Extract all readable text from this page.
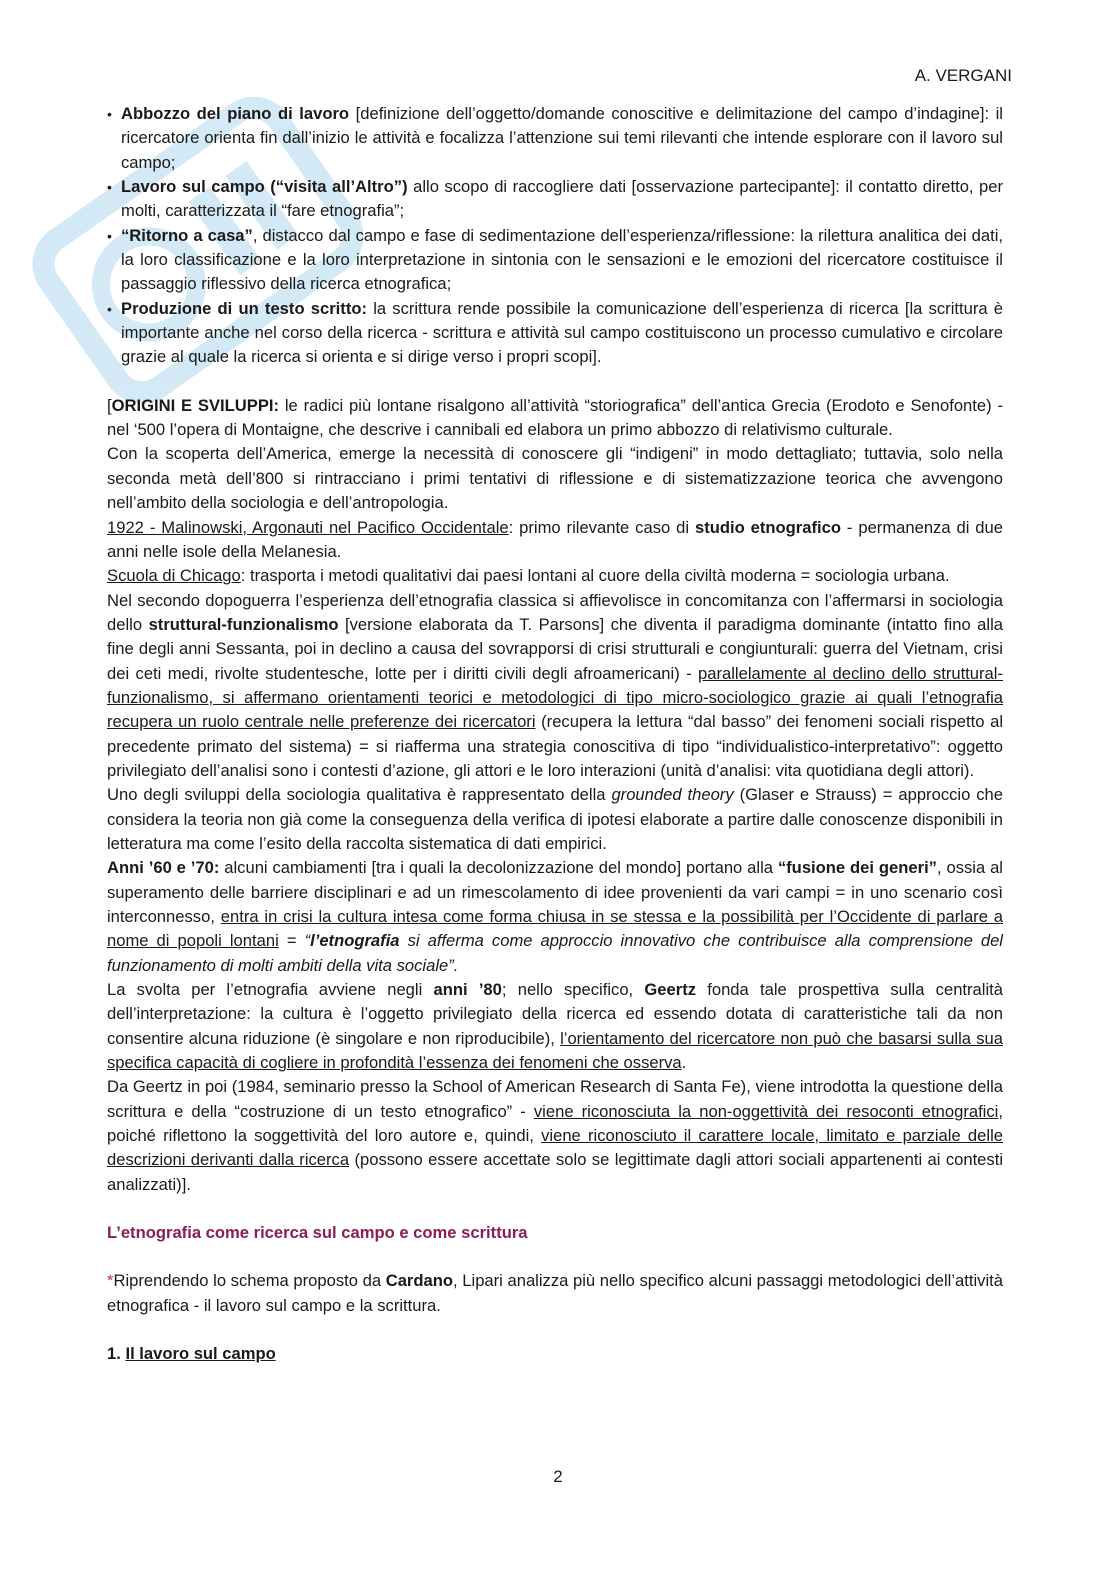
A. VERGANI
• Abbozzo del piano di lavoro [definizione dell’oggetto/domande conoscitive e delimitazione del campo d’indagine]: il ricercatore orienta fin dall’inizio le attività e focalizza l’attenzione sui temi rilevanti che intende esplorare con il lavoro sul campo;
• Lavoro sul campo (“visita all’Altro”) allo scopo di raccogliere dati [osservazione partecipante]: il contatto diretto, per molti, caratterizzata il “fare etnografia”;
• “Ritorno a casa”, distacco dal campo e fase di sedimentazione dell’esperienza/riflessione: la rilettura analitica dei dati, la loro classificazione e la loro interpretazione in sintonia con le sensazioni e le emozioni del ricercatore costituisce il passaggio riflessivo della ricerca etnografica;
• Produzione di un testo scritto: la scrittura rende possibile la comunicazione dell’esperienza di ricerca [la scrittura è importante anche nel corso della ricerca - scrittura e attività sul campo costituiscono un processo cumulativo e circolare grazie al quale la ricerca si orienta e si dirige verso i propri scopi].

[ORIGINI E SVILUPPI: le radici più lontane risalgono all’attività “storiografica” dell’antica Grecia (Erodoto e Senofonte) - nel ‘500 l’opera di Montaigne, che descrive i cannibali ed elabora un primo abbozzo di relativismo culturale.

Con la scoperta dell’America, emerge la necessità di conoscere gli “indigeni” in modo dettagliato; tuttavia, solo nella seconda metà dell’800 si rintracciano i primi tentativi di riflessione e di sistematizzazione teorica che avvengono nell’ambito della sociologia e dell’antropologia.

1922 - Malinowski, Argonauti nel Pacifico Occidentale: primo rilevante caso di studio etnografico - permanenza di due anni nelle isole della Melanesia.

Scuola di Chicago: trasporta i metodi qualitativi dai paesi lontani al cuore della civiltà moderna = sociologia urbana.

Nel secondo dopoguerra l’esperienza dell’etnografia classica si affievolisce in concomitanza con l’affermarsi in sociologia dello struttural-funzionalismo [versione elaborata da T. Parsons] che diventa il paradigma dominante (intatto fino alla fine degli anni Sessanta, poi in declino a causa del sovrapporsi di crisi strutturali e congiunturali: guerra del Vietnam, crisi dei ceti medi, rivolte studentesche, lotte per i diritti civili degli afroamericani) - parallelamente al declino dello struttural-funzionalismo, si affermano orientamenti teorici e metodologici di tipo micro-sociologico grazie ai quali l’etnografia recupera un ruolo centrale nelle preferenze dei ricercatori (recupera la lettura “dal basso” dei fenomeni sociali rispetto al precedente primato del sistema) = si riafferma una strategia conoscitiva di tipo “individualistico-interpretativo”: oggetto privilegiato dell’analisi sono i contesti d’azione, gli attori e le loro interazioni (unità d’analisi: vita quotidiana degli attori).

Uno degli sviluppi della sociologia qualitativa è rappresentato della grounded theory (Glaser e Strauss) = approccio che considera la teoria non già come la conseguenza della verifica di ipotesi elaborate a partire dalle conoscenze disponibili in letteratura ma come l’esito della raccolta sistematica di dati empirici.

Anni ’60 e ’70: alcuni cambiamenti [tra i quali la decolonizzazione del mondo] portano alla “fusione dei generi”, ossia al superamento delle barriere disciplinari e ad un rimescolamento di idee provenienti da vari campi = in uno scenario così interconnesso, entra in crisi la cultura intesa come forma chiusa in se stessa e la possibilità per l’Occidente di parlare a nome di popoli lontani = “l’etnografia si afferma come approccio innovativo che contribuisce alla comprensione del funzionamento di molti ambiti della vita sociale”.

La svolta per l’etnografia avviene negli anni ’80; nello specifico, Geertz fonda tale prospettiva sulla centralità dell’interpretazione: la cultura è l’oggetto privilegiato della ricerca ed essendo dotata di caratteristiche tali da non consentire alcuna riduzione (è singolare e non riproducibile), l’orientamento del ricercatore non può che basarsi sulla sua specifica capacità di cogliere in profondità l’essenza dei fenomeni che osserva.

Da Geertz in poi (1984, seminario presso la School of American Research di Santa Fe), viene introdotta la questione della scrittura e della “costruzione di un testo etnografico” - viene riconosciuta la non-oggettività dei resoconti etnografici, poiché riflettono la soggettività del loro autore e, quindi, viene riconosciuto il carattere locale, limitato e parziale delle descrizioni derivanti dalla ricerca (possono essere accettate solo se legittimate dagli attori sociali appartenenti ai contesti analizzati)].

L’etnografia come ricerca sul campo e come scrittura

*Riprendendo lo schema proposto da Cardano, Lipari analizza più nello specifico alcuni passaggi metodologici dell’attività etnografica - il lavoro sul campo e la scrittura.

1. Il lavoro sul campo

2
